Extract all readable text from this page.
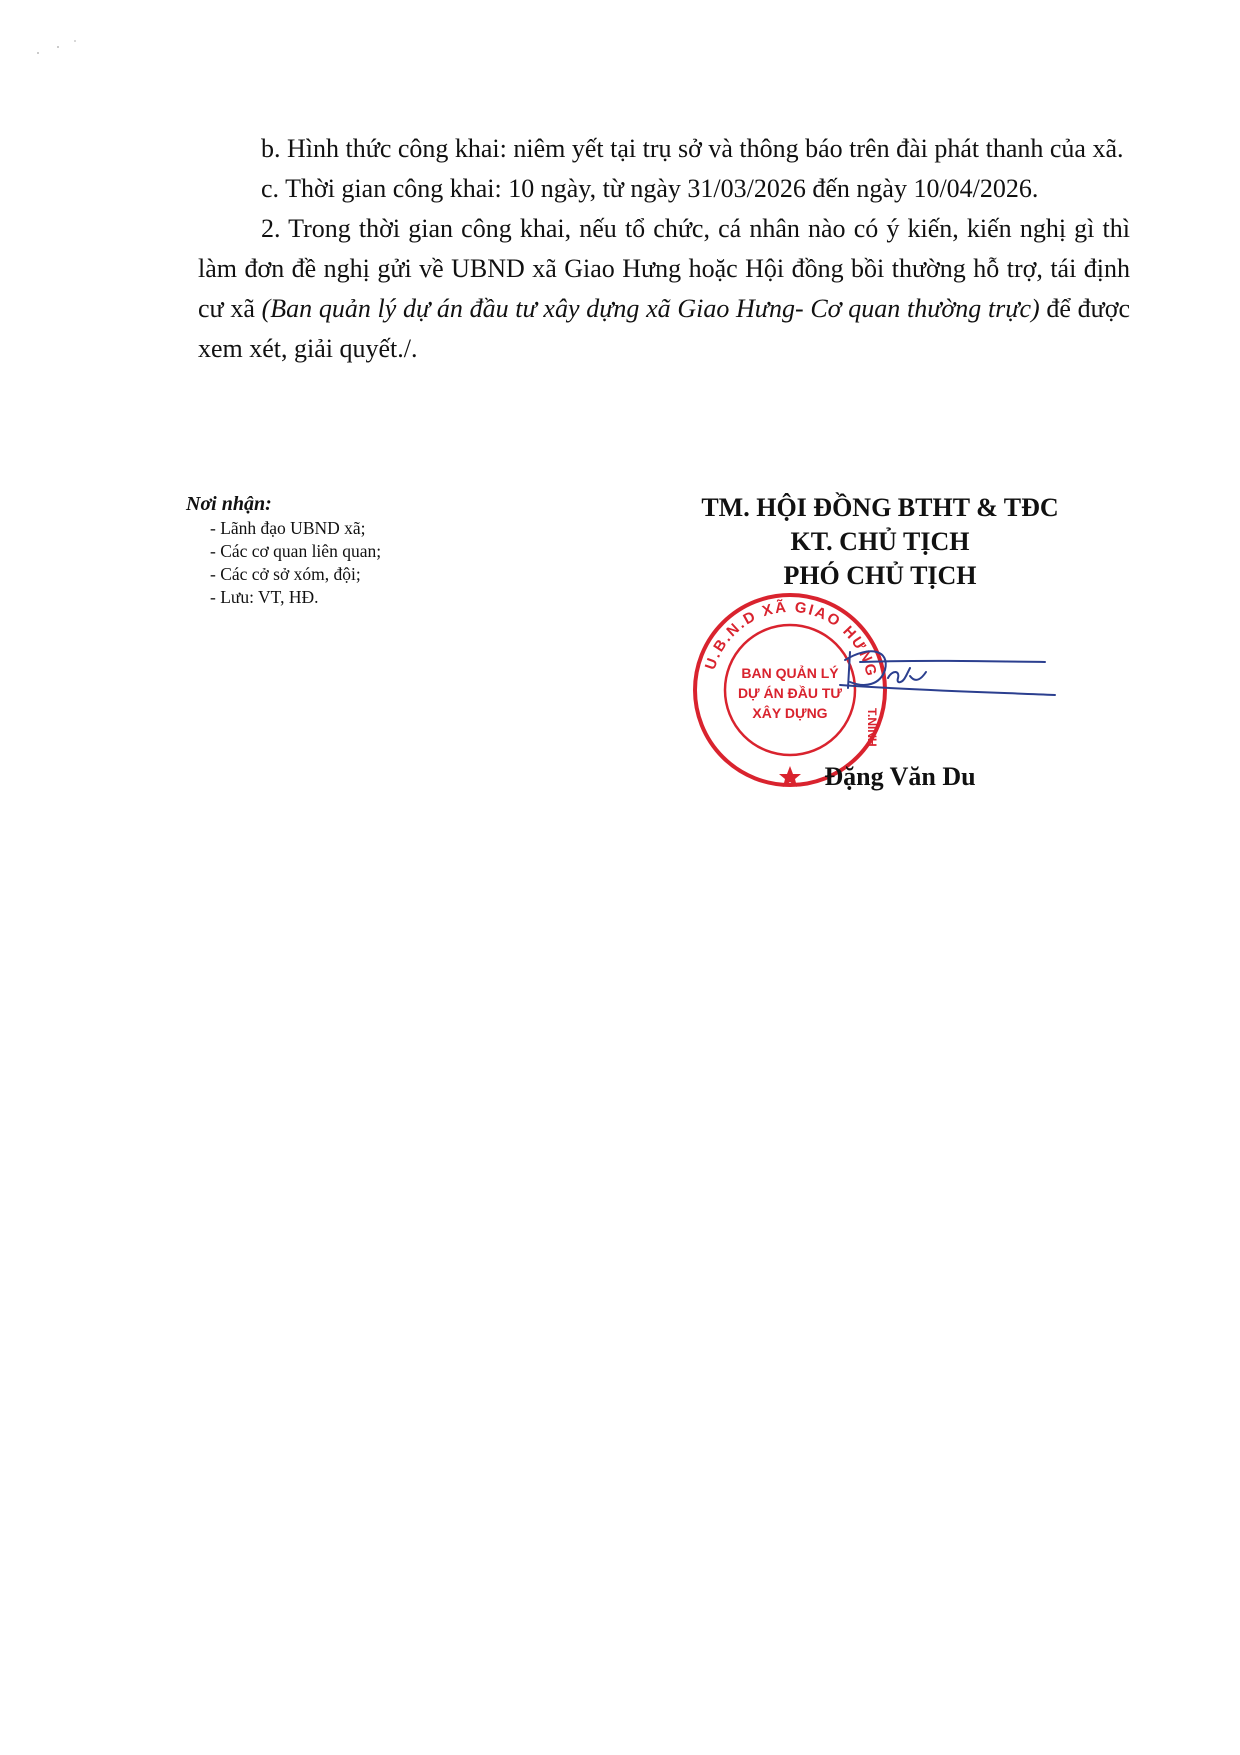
b. Hình thức công khai: niêm yết tại trụ sở và thông báo trên đài phát thanh của xã.

c. Thời gian công khai: 10 ngày, từ ngày 31/03/2026 đến ngày 10/04/2026.

2. Trong thời gian công khai, nếu tổ chức, cá nhân nào có ý kiến, kiến nghị gì thì làm đơn đề nghị gửi về UBND xã Giao Hưng hoặc Hội đồng bồi thường hỗ trợ, tái định cư xã (Ban quản lý dự án đầu tư xây dựng xã Giao Hưng- Cơ quan thường trực) để được xem xét, giải quyết./.

Nơi nhận:

- Lãnh đạo UBND xã;
- Các cơ quan liên quan;
- Các cở sở xóm, đội;
- Lưu: VT, HĐ.
TM. HỘI ĐỒNG BTHT & TĐC
KT. CHỦ TỊCH
PHÓ CHỦ TỊCH
U.B.N.D XÃ GIAO HƯNG
T.NINH
BAN QUẢN LÝ
DỰ ÁN ĐẦU TƯ
XÂY DỰNG
Đặng Văn Du
